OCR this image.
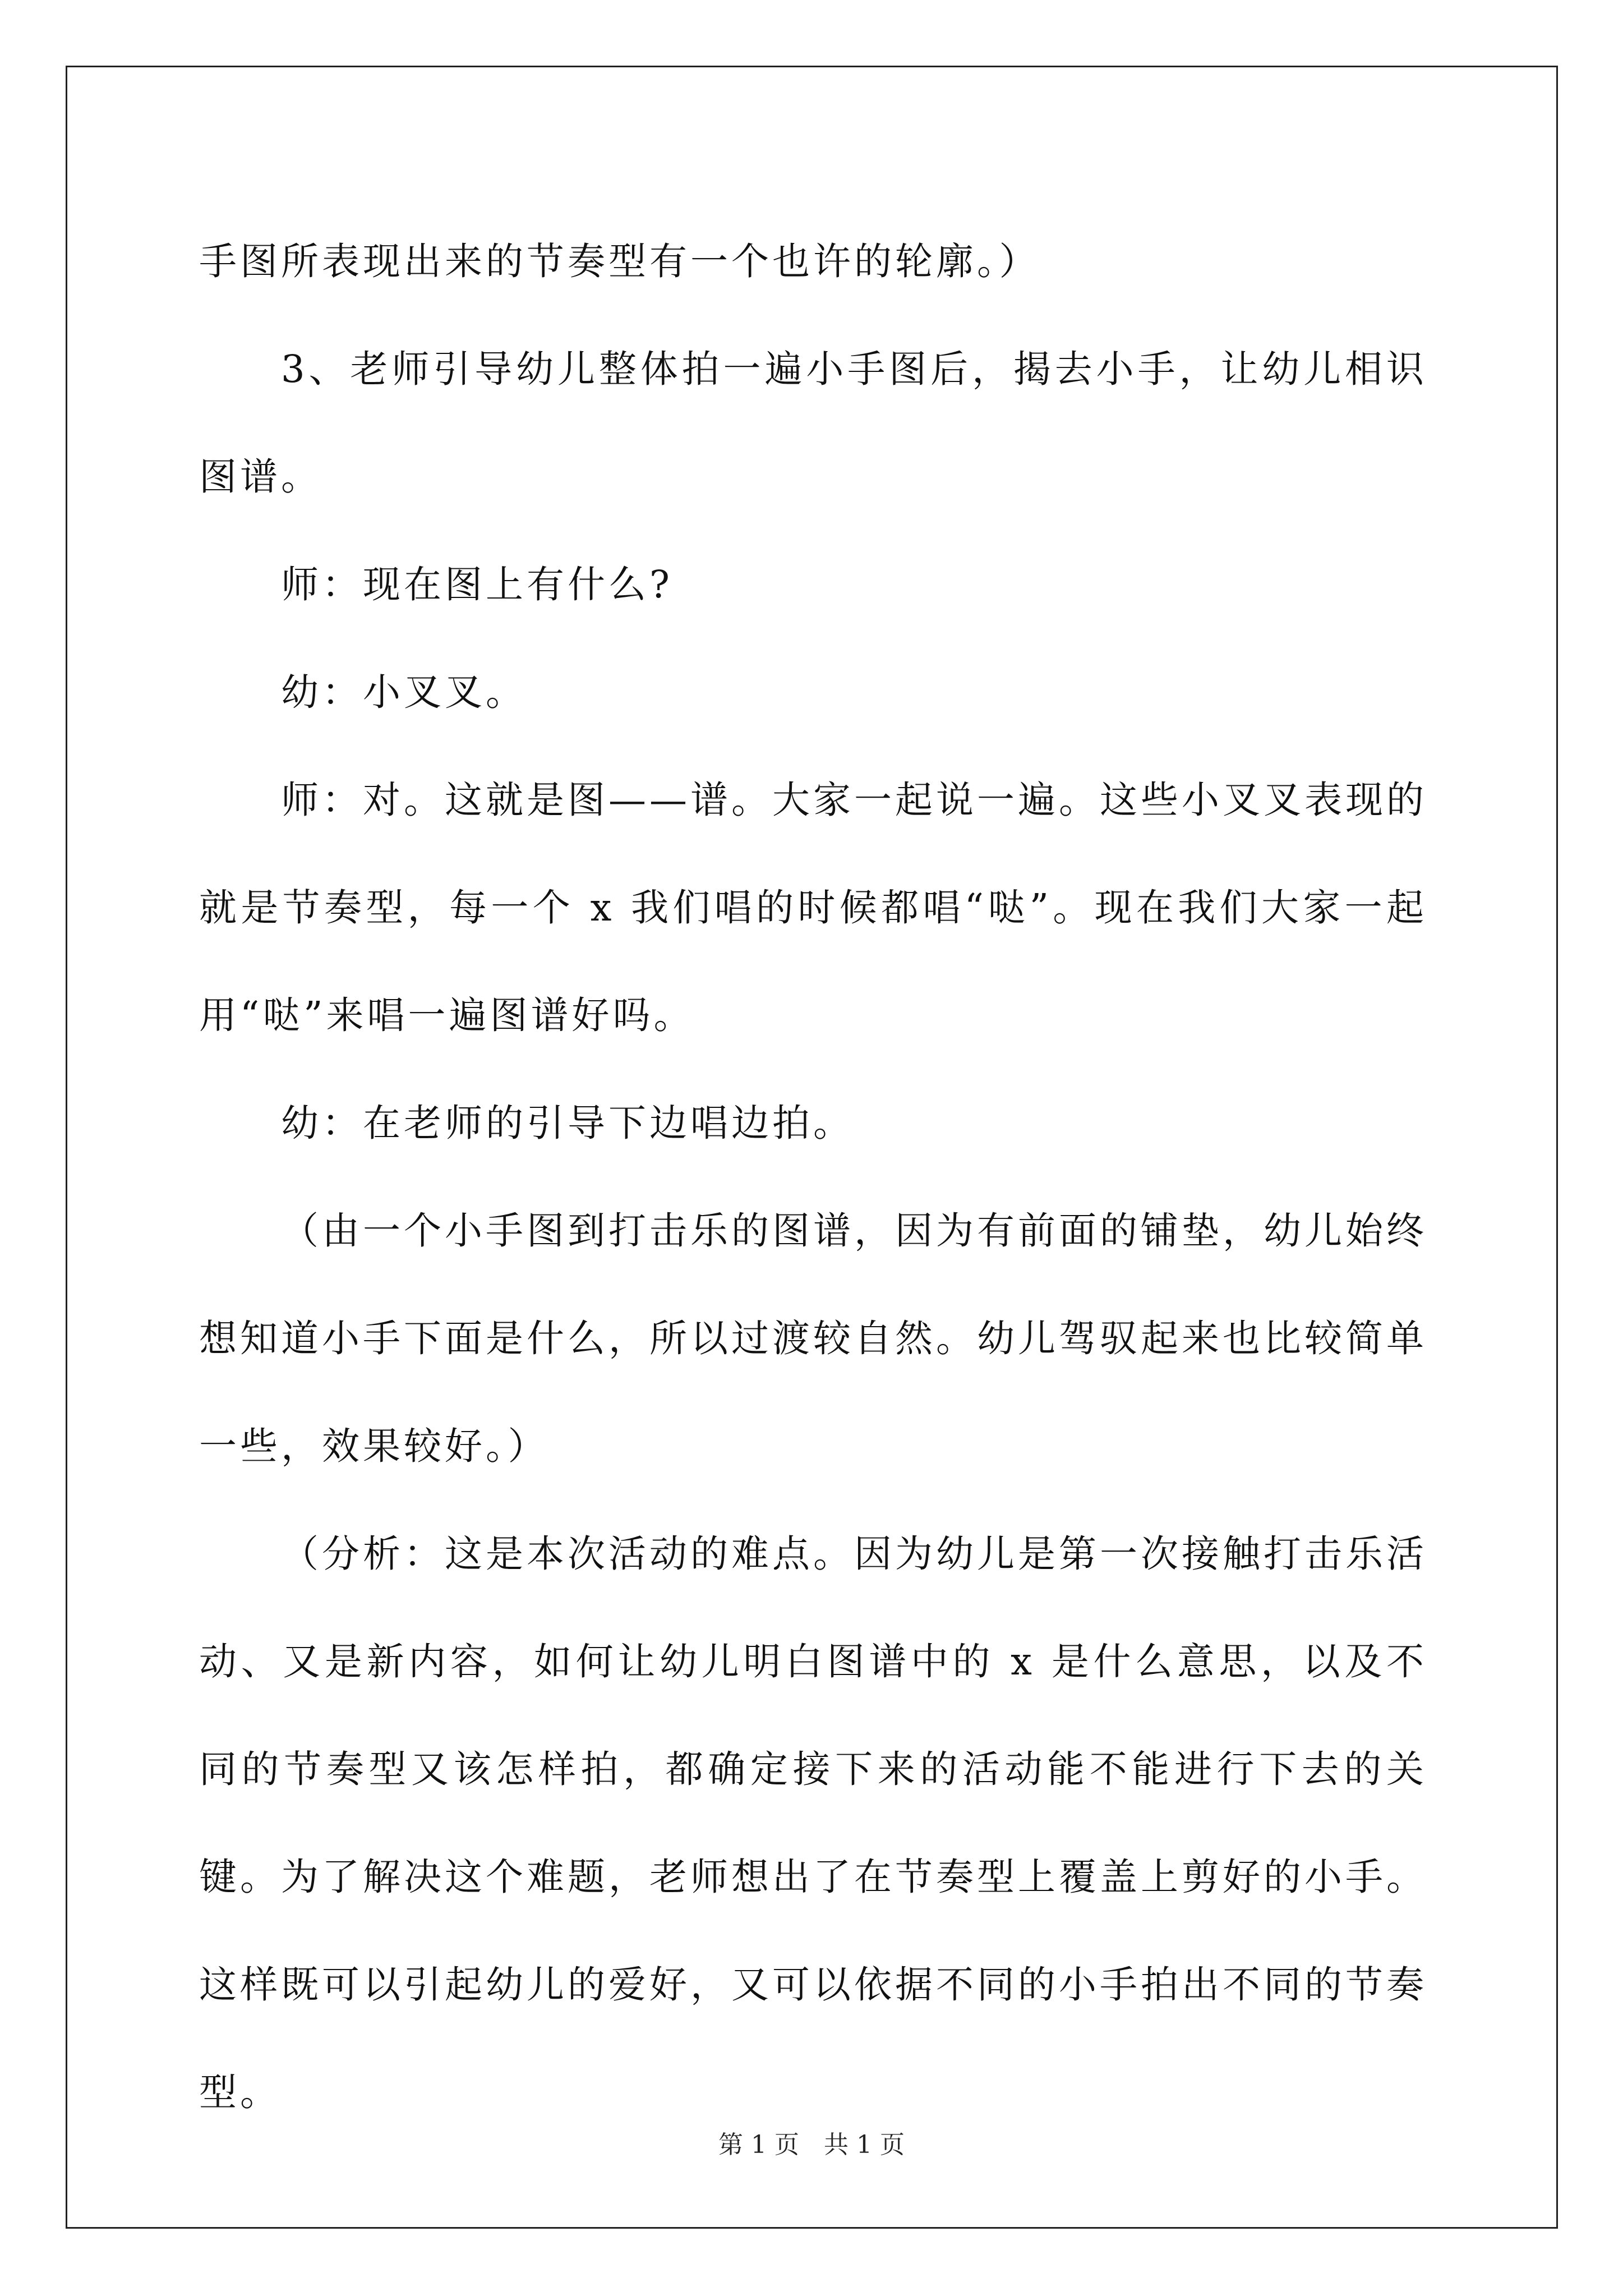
手图所表现出来的节奏型有一个也许的轮廓。）

3、老师引导幼儿整体拍一遍小手图后，揭去小手，让幼儿相识图谱。

师：现在图上有什么?

幼：小叉叉。

师：对。这就是图——谱。大家一起说一遍。这些小叉叉表现的就是节奏型，每一个 x 我们唱的时候都唱“哒”。现在我们大家一起用“哒”来唱一遍图谱好吗。

幼：在老师的引导下边唱边拍。

（由一个小手图到打击乐的图谱，因为有前面的铺垫，幼儿始终想知道小手下面是什么，所以过渡较自然。幼儿驾驭起来也比较简单一些，效果较好。）

（分析：这是本次活动的难点。因为幼儿是第一次接触打击乐活动、又是新内容，如何让幼儿明白图谱中的 x 是什么意思，以及不同的节奏型又该怎样拍，都确定接下来的活动能不能进行下去的关键。为了解决这个难题，老师想出了在节奏型上覆盖上剪好的小手。这样既可以引起幼儿的爱好，又可以依据不同的小手拍出不同的节奏型。

第 1 页　共 1 页
